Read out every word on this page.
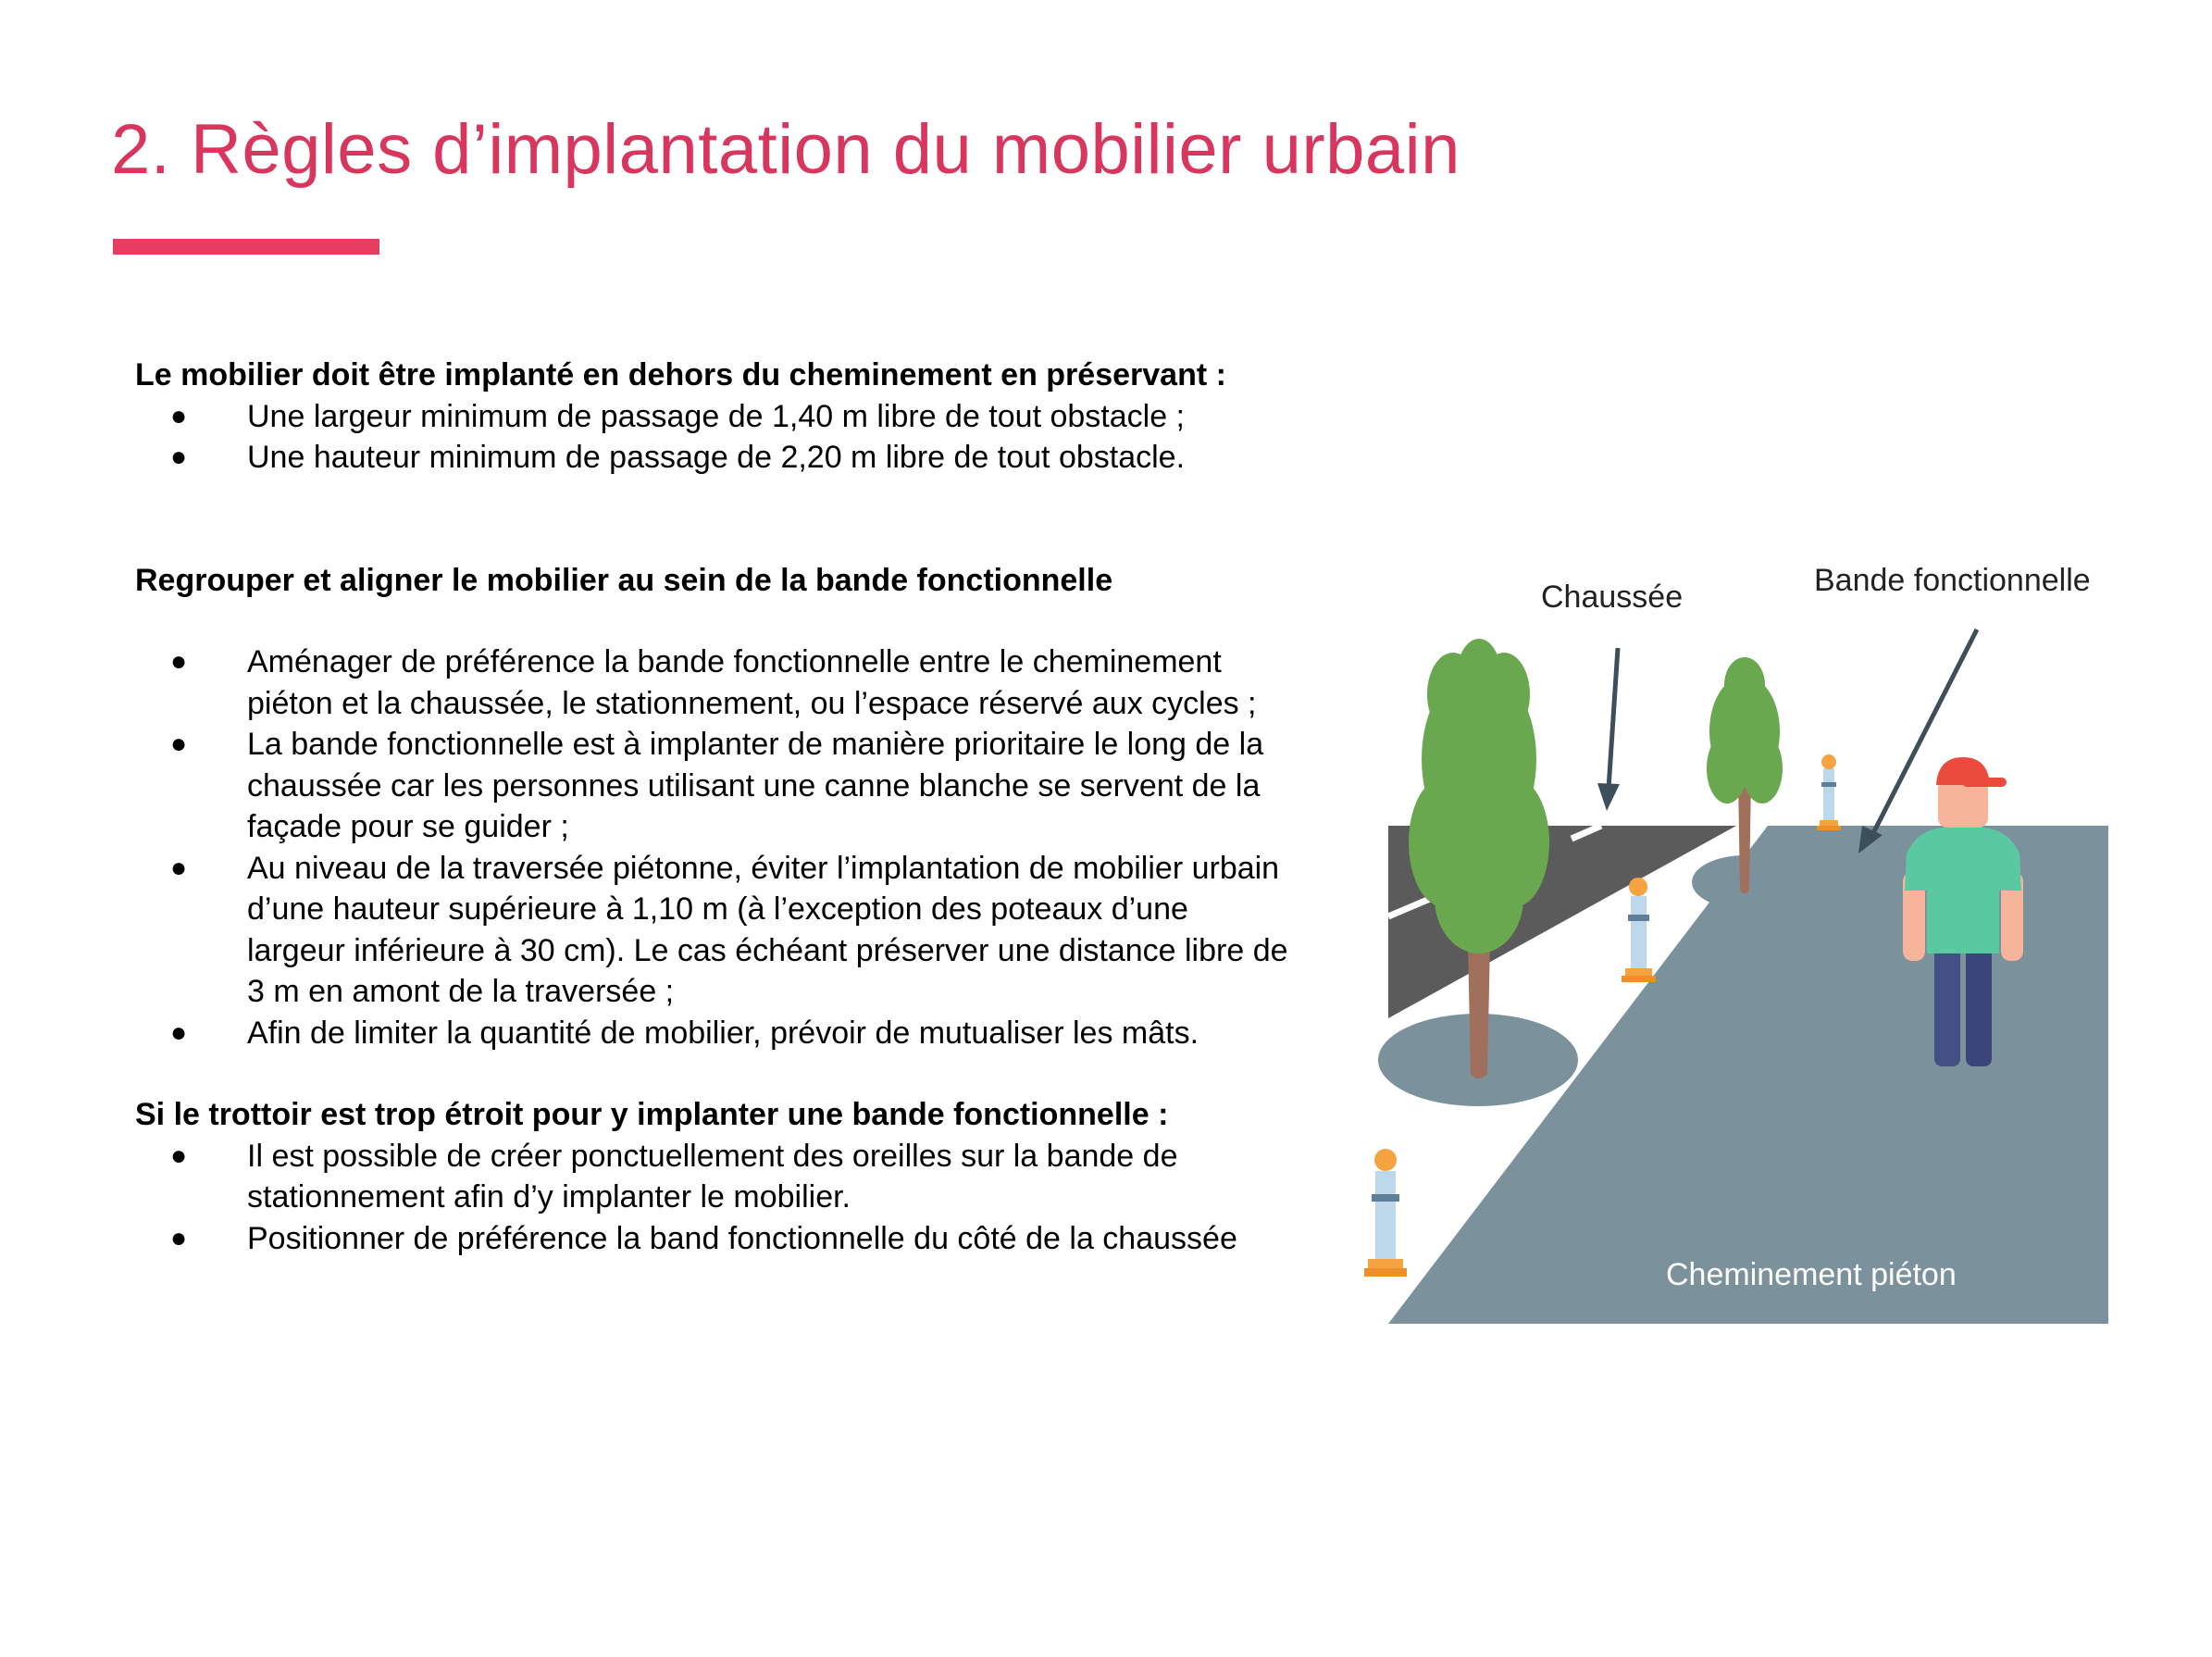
2. Règles d’implantation du mobilier urbain

Le mobilier doit être implanté en dehors du cheminement en préservant :

● Une largeur minimum de passage de 1,40 m libre de tout obstacle ;
● Une hauteur minimum de passage de 2,20 m libre de tout obstacle.

Regrouper et aligner le mobilier au sein de la bande fonctionnelle

● Aménager de préférence la bande fonctionnelle entre le cheminement piéton et la chaussée, le stationnement, ou l’espace réservé aux cycles ;
● La bande fonctionnelle est à implanter de manière prioritaire le long de la chaussée car les personnes utilisant une canne blanche se servent de la façade pour se guider ;
● Au niveau de la traversée piétonne, éviter l’implantation de mobilier urbain d’une hauteur supérieure à 1,10 m (à l’exception des poteaux d’une largeur inférieure à 30 cm). Le cas échéant préserver une distance libre de 3 m en amont de la traversée ;
● Afin de limiter la quantité de mobilier, prévoir de mutualiser les mâts.

Si le trottoir est trop étroit pour y implanter une bande fonctionnelle :

● Il est possible de créer ponctuellement des oreilles sur la bande de stationnement afin d’y implanter le mobilier.
● Positionner de préférence la band fonctionnelle du côté de la chaussée
Chaussée	Bande fonctionnelle
Cheminement piéton
